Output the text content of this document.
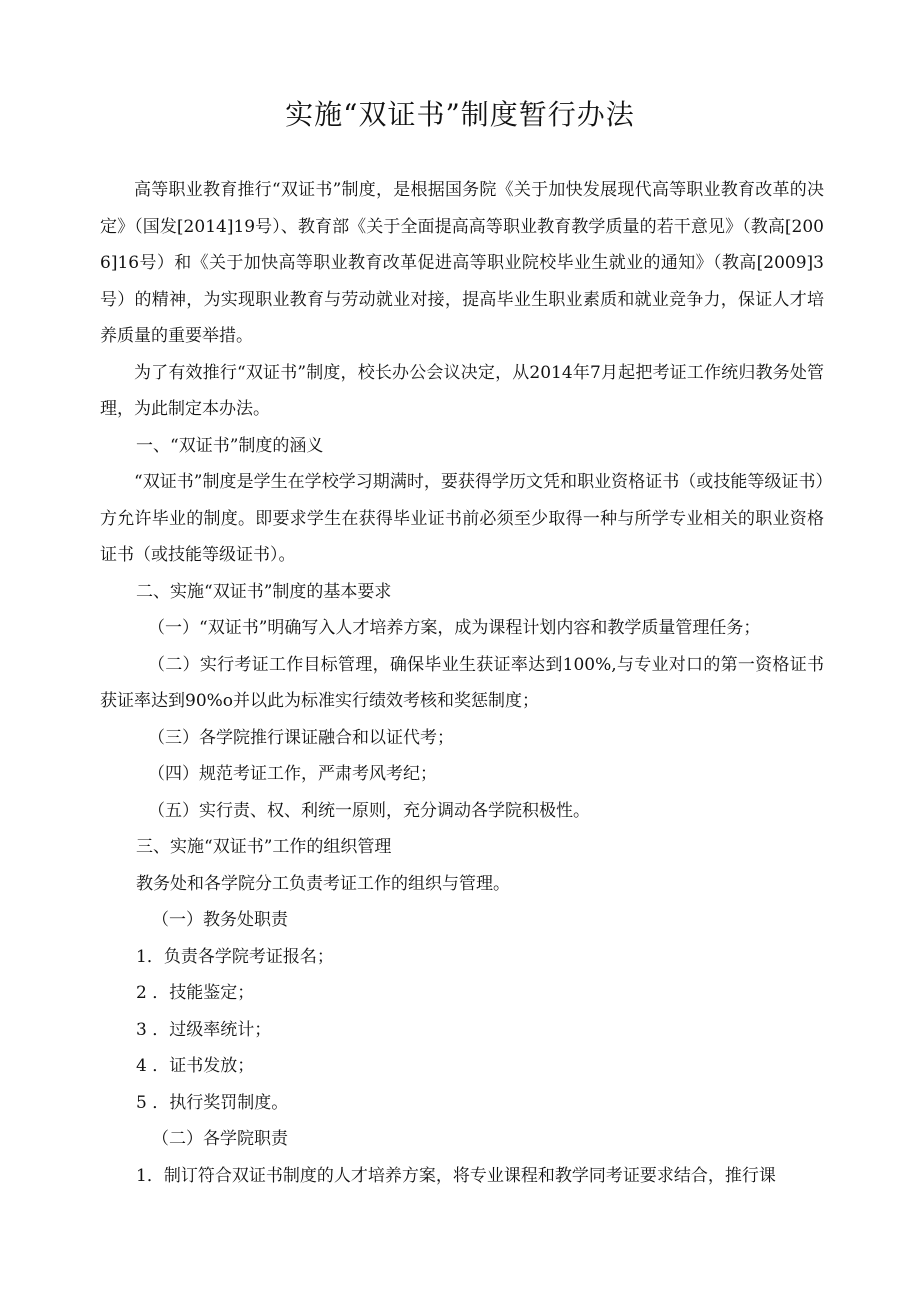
实施“双证书”制度暂行办法

高等职业教育推行“双证书”制度，是根据国务院《关于加快发展现代高等职业教育改革的决定》（国发[2014]19号）、教育部《关于全面提高高等职业教育教学质量的若干意见》（教高[2006]16号）和《关于加快高等职业教育改革促进高等职业院校毕业生就业的通知》（教高[2009]3号）的精神，为实现职业教育与劳动就业对接，提高毕业生职业素质和就业竞争力，保证人才培养质量的重要举措。

为了有效推行“双证书”制度，校长办公会议决定，从2014年7月起把考证工作统归教务处管理，为此制定本办法。

一、“双证书”制度的涵义

“双证书”制度是学生在学校学习期满时，要获得学历文凭和职业资格证书（或技能等级证书）方允许毕业的制度。即要求学生在获得毕业证书前必须至少取得一种与所学专业相关的职业资格证书（或技能等级证书）。

二、实施“双证书”制度的基本要求

（一）“双证书”明确写入人才培养方案，成为课程计划内容和教学质量管理任务；

（二）实行考证工作目标管理，确保毕业生获证率达到100%,与专业对口的第一资格证书获证率达到90%o并以此为标准实行绩效考核和奖惩制度；

（三）各学院推行课证融合和以证代考；

（四）规范考证工作，严肃考风考纪；

（五）实行责、权、利统一原则，充分调动各学院积极性。

三、实施“双证书”工作的组织管理

教务处和各学院分工负责考证工作的组织与管理。

（一）教务处职责

1．负责各学院考证报名；

2 ．技能鉴定；

3 ．过级率统计；

4 ．证书发放；

5 ．执行奖罚制度。

（二）各学院职责

1．制订符合双证书制度的人才培养方案，将专业课程和教学同考证要求结合，推行课
